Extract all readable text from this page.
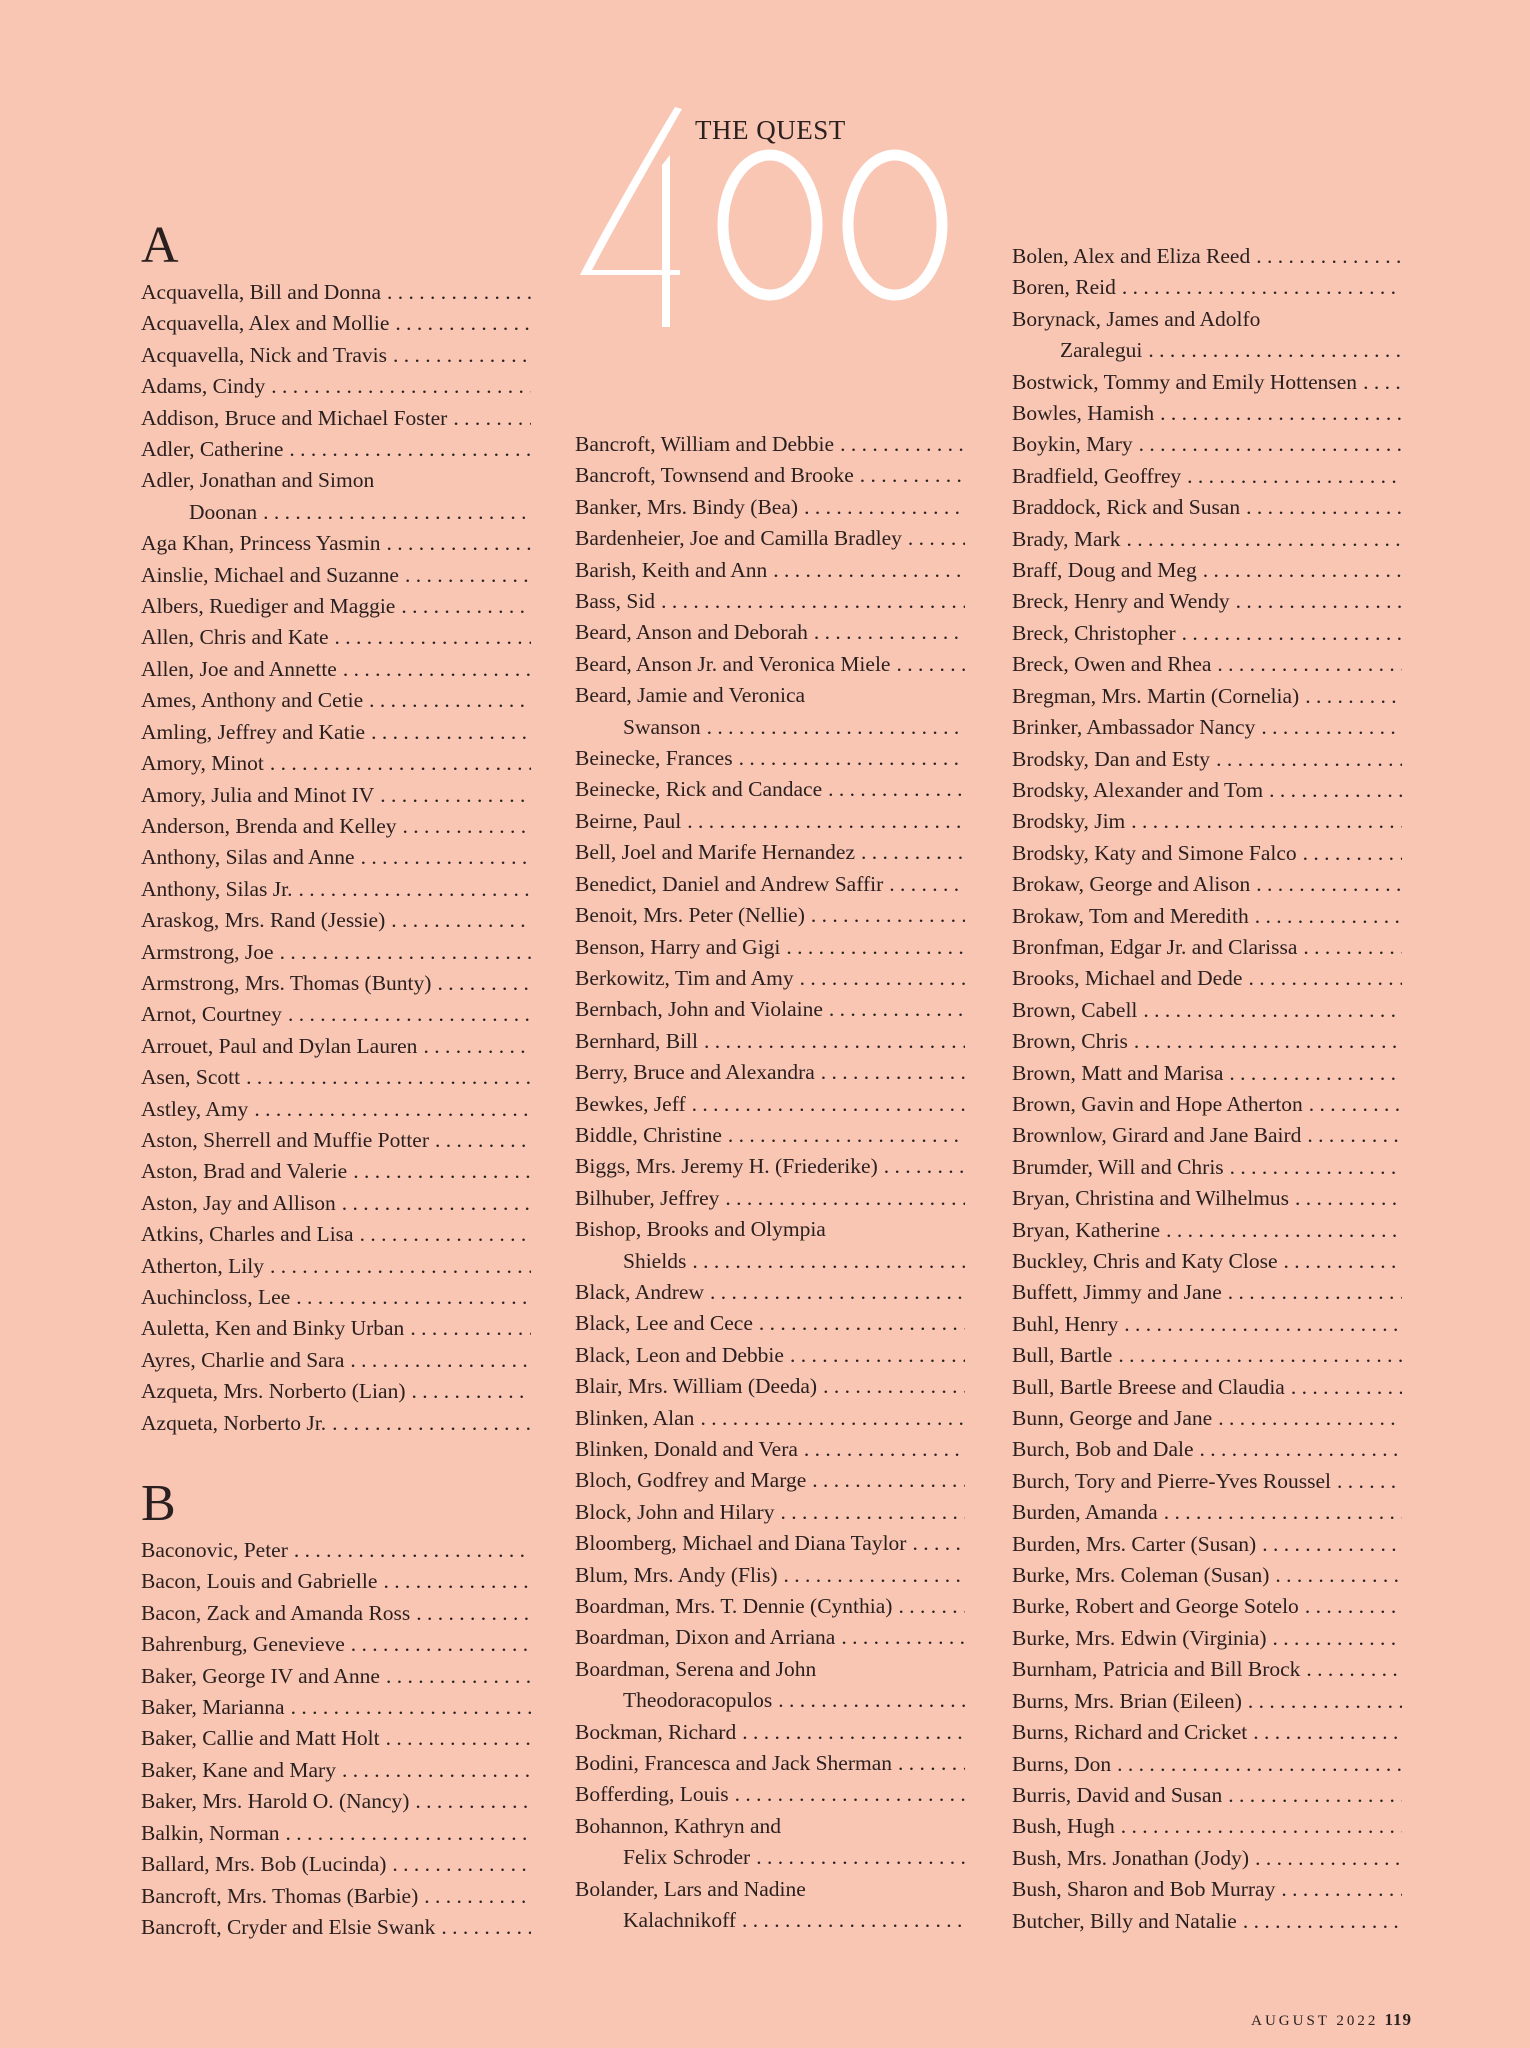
THE QUEST
A
Acquavella, Bill and Donna
. . .
Acquavella, Alex and Mollie
. . .
Acquavella, Nick and Travis
. . .
Adams, Cindy
. . .
Addison, Bruce and Michael Foster
. . .
Adler, Catherine
. . .
Adler, Jonathan and Simon
Doonan
. . .
Aga Khan, Princess Yasmin
. . .
Ainslie, Michael and Suzanne
. . .
Albers, Ruediger and Maggie
. . .
Allen, Chris and Kate
. . .
Allen, Joe and Annette
. . .
Ames, Anthony and Cetie
. . .
Amling, Jeffrey and Katie
. . .
Amory, Minot
. . .
Amory, Julia and Minot IV
. . .
Anderson, Brenda and Kelley
. . .
Anthony, Silas and Anne
. . .
Anthony, Silas Jr.
. . .
Araskog, Mrs. Rand (Jessie)
. . .
Armstrong, Joe
. . .
Armstrong, Mrs. Thomas (Bunty)
. . .
Arnot, Courtney
. . .
Arrouet, Paul and Dylan Lauren
. . .
Asen, Scott
. . .
Astley, Amy
. . .
Aston, Sherrell and Muffie Potter
. . .
Aston, Brad and Valerie
. . .
Aston, Jay and Allison
. . .
Atkins, Charles and Lisa
. . .
Atherton, Lily
. . .
Auchincloss, Lee
. . .
Auletta, Ken and Binky Urban
. . .
Ayres, Charlie and Sara
. . .
Azqueta, Mrs. Norberto (Lian)
. . .
Azqueta, Norberto Jr.
. . .
B
Baconovic, Peter
. . .
Bacon, Louis and Gabrielle
. . .
Bacon, Zack and Amanda Ross
. . .
Bahrenburg, Genevieve
. . .
Baker, George IV and Anne
. . .
Baker, Marianna
. . .
Baker, Callie and Matt Holt
. . .
Baker, Kane and Mary
. . .
Baker, Mrs. Harold O. (Nancy)
. . .
Balkin, Norman
. . .
Ballard, Mrs. Bob (Lucinda)
. . .
Bancroft, Mrs. Thomas (Barbie)
. . .
Bancroft, Cryder and Elsie Swank
. . .
Bancroft, William and Debbie
. . .
Bancroft, Townsend and Brooke
. . .
Banker, Mrs. Bindy (Bea)
. . .
Bardenheier, Joe and Camilla Bradley
. . .
Barish, Keith and Ann
. . .
Bass, Sid
. . .
Beard, Anson and Deborah
. . .
Beard, Anson Jr. and Veronica Miele
. . .
Beard, Jamie and Veronica
Swanson
. . .
Beinecke, Frances
. . .
Beinecke, Rick and Candace
. . .
Beirne, Paul
. . .
Bell, Joel and Marife Hernandez
. . .
Benedict, Daniel and Andrew Saffir
. . .
Benoit, Mrs. Peter (Nellie)
. . .
Benson, Harry and Gigi
. . .
Berkowitz, Tim and Amy
. . .
Bernbach, John and Violaine
. . .
Bernhard, Bill
. . .
Berry, Bruce and Alexandra
. . .
Bewkes, Jeff
. . .
Biddle, Christine
. . .
Biggs, Mrs. Jeremy H. (Friederike)
. . .
Bilhuber, Jeffrey
. . .
Bishop, Brooks and Olympia
Shields
. . .
Black, Andrew
. . .
Black, Lee and Cece
. . .
Black, Leon and Debbie
. . .
Blair, Mrs. William (Deeda)
. . .
Blinken, Alan
. . .
Blinken, Donald and Vera
. . .
Bloch, Godfrey and Marge
. . .
Block, John and Hilary
. . .
Bloomberg, Michael and Diana Taylor
. . .
Blum, Mrs. Andy (Flis)
. . .
Boardman, Mrs. T. Dennie (Cynthia)
. . .
Boardman, Dixon and Arriana
. . .
Boardman, Serena and John
Theodoracopulos
. . .
Bockman, Richard
. . .
Bodini, Francesca and Jack Sherman
. . .
Bofferding, Louis
. . .
Bohannon, Kathryn and
Felix Schroder
. . .
Bolander, Lars and Nadine
Kalachnikoff
. . .
Bolen, Alex and Eliza Reed
. . .
Boren, Reid
. . .
Borynack, James and Adolfo
Zaralegui
. . .
Bostwick, Tommy and Emily Hottensen
. . .
Bowles, Hamish
. . .
Boykin, Mary
. . .
Bradfield, Geoffrey
. . .
Braddock, Rick and Susan
. . .
Brady, Mark
. . .
Braff, Doug and Meg
. . .
Breck, Henry and Wendy
. . .
Breck, Christopher
. . .
Breck, Owen and Rhea
. . .
Bregman, Mrs. Martin (Cornelia)
. . .
Brinker, Ambassador Nancy
. . .
Brodsky, Dan and Esty
. . .
Brodsky, Alexander and Tom
. . .
Brodsky, Jim
. . .
Brodsky, Katy and Simone Falco
. . .
Brokaw, George and Alison
. . .
Brokaw, Tom and Meredith
. . .
Bronfman, Edgar Jr. and Clarissa
. . .
Brooks, Michael and Dede
. . .
Brown, Cabell
. . .
Brown, Chris
. . .
Brown, Matt and Marisa
. . .
Brown, Gavin and Hope Atherton
. . .
Brownlow, Girard and Jane Baird
. . .
Brumder, Will and Chris
. . .
Bryan, Christina and Wilhelmus
. . .
Bryan, Katherine
. . .
Buckley, Chris and Katy Close
. . .
Buffett, Jimmy and Jane
. . .
Buhl, Henry
. . .
Bull, Bartle
. . .
Bull, Bartle Breese and Claudia
. . .
Bunn, George and Jane
. . .
Burch, Bob and Dale
. . .
Burch, Tory and Pierre-Yves Roussel
. . .
Burden, Amanda
. . .
Burden, Mrs. Carter (Susan)
. . .
Burke, Mrs. Coleman (Susan)
. . .
Burke, Robert and George Sotelo
. . .
Burke, Mrs. Edwin (Virginia)
. . .
Burnham, Patricia and Bill Brock
. . .
Burns, Mrs. Brian (Eileen)
. . .
Burns, Richard and Cricket
. . .
Burns, Don
. . .
Burris, David and Susan
. . .
Bush, Hugh
. . .
Bush, Mrs. Jonathan (Jody)
. . .
Bush, Sharon and Bob Murray
. . .
Butcher, Billy and Natalie
. . .
AUGUST 2022 119
